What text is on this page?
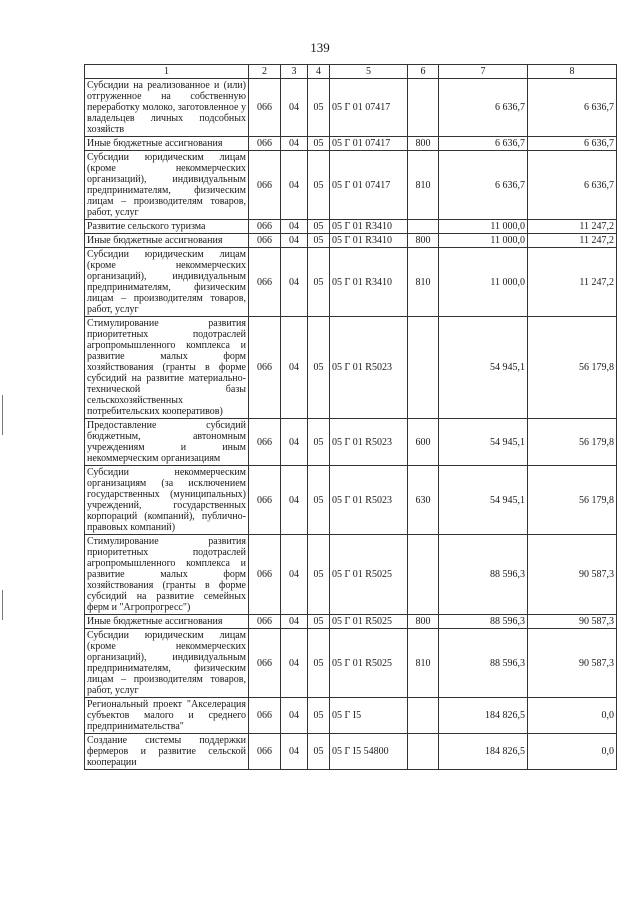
139
1	2	3	4	5	6	7	8
Субсидии на реализованное и (или) отгруженное на собственную переработку молоко, заготовленное у владельцев личных подсобных хозяйств	066	04	05	05 Г 01 07417		6 636,7	6 636,7
Иные бюджетные ассигнования	066	04	05	05 Г 01 07417	800	6 636,7	6 636,7
Субсидии юридическим лицам (кроме некоммерческих организаций), индивидуальным предпринимателям, физическим лицам – производителям товаров, работ, услуг	066	04	05	05 Г 01 07417	810	6 636,7	6 636,7
Развитие сельского туризма	066	04	05	05 Г 01 R3410		11 000,0	11 247,2
Иные бюджетные ассигнования	066	04	05	05 Г 01 R3410	800	11 000,0	11 247,2
Субсидии юридическим лицам (кроме некоммерческих организаций), индивидуальным предпринимателям, физическим лицам – производителям товаров, работ, услуг	066	04	05	05 Г 01 R3410	810	11 000,0	11 247,2
Стимулирование развития приоритетных подотраслей агропромышленного комплекса и развитие малых форм хозяйствования (гранты в форме субсидий на развитие материально-технической базы сельскохозяйственных потребительских кооперативов)	066	04	05	05 Г 01 R5023		54 945,1	56 179,8
Предоставление субсидий бюджетным, автономным учреждениям и иным некоммерческим организациям	066	04	05	05 Г 01 R5023	600	54 945,1	56 179,8
Субсидии некоммерческим организациям (за исключением государственных (муниципальных) учреждений, государственных корпораций (компаний), публично-правовых компаний)	066	04	05	05 Г 01 R5023	630	54 945,1	56 179,8
Стимулирование развития приоритетных подотраслей агропромышленного комплекса и развитие малых форм хозяйствования (гранты в форме субсидий на развитие семейных ферм и "Агропрогресс")	066	04	05	05 Г 01 R5025		88 596,3	90 587,3
Иные бюджетные ассигнования	066	04	05	05 Г 01 R5025	800	88 596,3	90 587,3
Субсидии юридическим лицам (кроме некоммерческих организаций), индивидуальным предпринимателям, физическим лицам – производителям товаров, работ, услуг	066	04	05	05 Г 01 R5025	810	88 596,3	90 587,3
Региональный проект "Акселерация субъектов малого и среднего предпринимательства"	066	04	05	05 Г I5		184 826,5	0,0
Создание системы поддержки фермеров и развитие сельской кооперации	066	04	05	05 Г I5 54800		184 826,5	0,0
